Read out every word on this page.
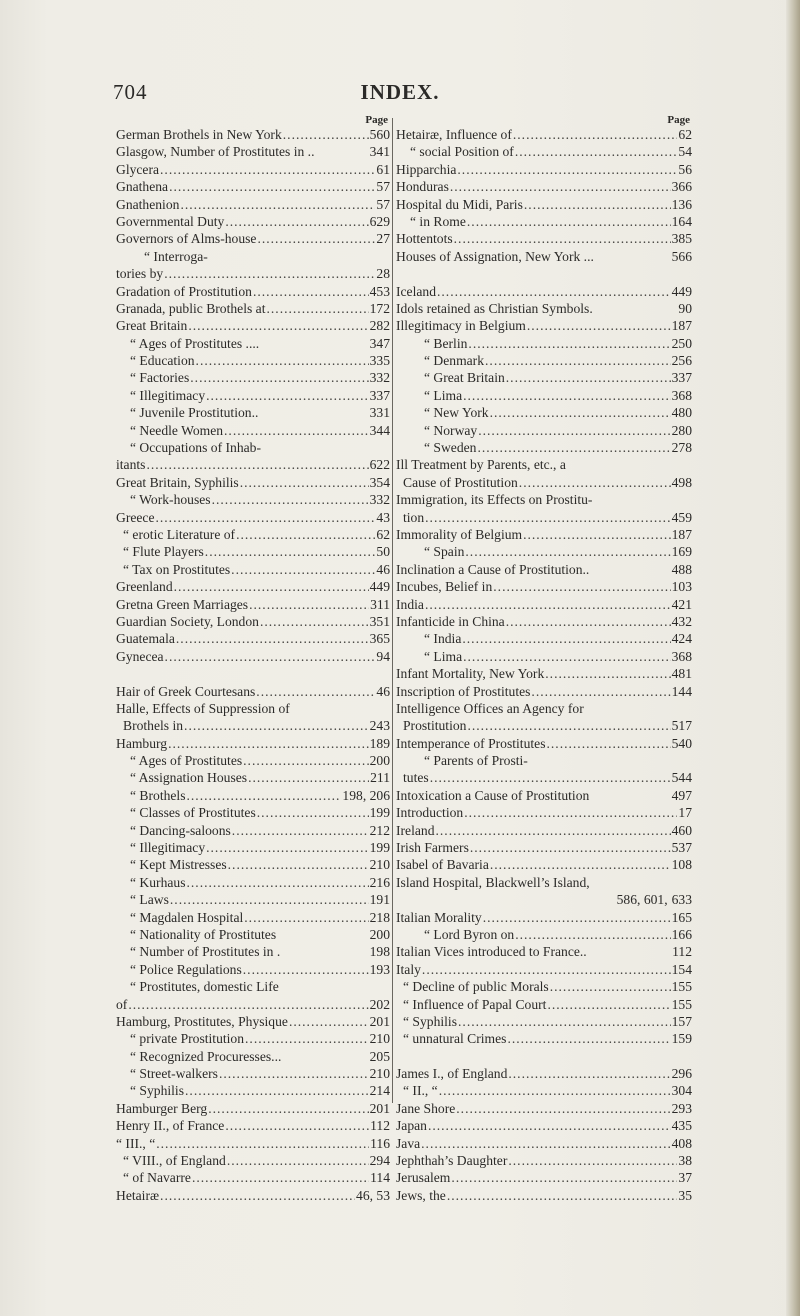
704	INDEX.
Page
German Brothels in New York .....	560
Glasgow, Number of Prostitutes in ..	341
Glycera .....	61
Gnathena .....	57
Gnathenion .....	57
Governmental Duty .....	629
Governors of Alms-house .....	27
“ Interroga-
tories by .....	28
Gradation of Prostitution .....	453
Granada, public Brothels at .....	172
Great Britain .....	282
“ Ages of Prostitutes ....	347
“ Education .....	335
“ Factories .....	332
“ Illegitimacy .....	337
“ Juvenile Prostitution..	331
“ Needle Women .....	344
“ Occupations of Inhab-
itants .....	622
Great Britain, Syphilis .....	354
“ Work-houses .....	332
Greece .....	43
“ erotic Literature of .....	62
“ Flute Players .....	50
“ Tax on Prostitutes .....	46
Greenland .....	449
Gretna Green Marriages .....	311
Guardian Society, London .....	351
Guatemala .....	365
Gynecea .....	94
Hair of Greek Courtesans .....	46
Halle, Effects of Suppression of
Brothels in .....	243
Hamburg .....	189
“ Ages of Prostitutes .....	200
“ Assignation Houses .....	211
“ Brothels .....	198, 206
“ Classes of Prostitutes .....	199
“ Dancing-saloons .....	212
“ Illegitimacy .....	199
“ Kept Mistresses .....	210
“ Kurhaus .....	216
“ Laws .....	191
“ Magdalen Hospital .....	218
“ Nationality of Prostitutes	200
“ Number of Prostitutes in .	198
“ Police Regulations .....	193
“ Prostitutes, domestic Life
of .....	202
Hamburg, Prostitutes, Physique .....	201
“ private Prostitution .....	210
“ Recognized Procuresses...	205
“ Street-walkers .....	210
“ Syphilis .....	214
Hamburger Berg .....	201
Henry II., of France .....	112
“ III., “ .....	116
“ VIII., of England .....	294
“ of Navarre .....	114
Hetairæ .....	46, 53
Page
Hetairæ, Influence of .....	62
“ social Position of .....	54
Hipparchia .....	56
Honduras .....	366
Hospital du Midi, Paris .....	136
“ in Rome .....	164
Hottentots .....	385
Houses of Assignation, New York ...	566
Iceland .....	449
Idols retained as Christian Symbols.	90
Illegitimacy in Belgium .....	187
“ Berlin .....	250
“ Denmark .....	256
“ Great Britain .....	337
“ Lima .....	368
“ New York .....	480
“ Norway .....	280
“ Sweden .....	278
Ill Treatment by Parents, etc., a
Cause of Prostitution .....	498
Immigration, its Effects on Prostitu-
tion .....	459
Immorality of Belgium .....	187
“ Spain .....	169
Inclination a Cause of Prostitution..	488
Incubes, Belief in .....	103
India .....	421
Infanticide in China .....	432
“ India .....	424
“ Lima .....	368
Infant Mortality, New York .....	481
Inscription of Prostitutes .....	144
Intelligence Offices an Agency for
Prostitution .....	517
Intemperance of Prostitutes .....	540
“ Parents of Prosti-
tutes .....	544
Intoxication a Cause of Prostitution	497
Introduction .....	17
Ireland .....	460
Irish Farmers .....	537
Isabel of Bavaria .....	108
Island Hospital, Blackwell’s Island,
586, 601, 633
Italian Morality .....	165
“ Lord Byron on .....	166
Italian Vices introduced to France..	112
Italy .....	154
“ Decline of public Morals .....	155
“ Influence of Papal Court .....	155
“ Syphilis .....	157
“ unnatural Crimes .....	159
James I., of England .....	296
“ II., “ .....	304
Jane Shore .....	293
Japan .....	435
Java .....	408
Jephthah’s Daughter .....	38
Jerusalem .....	37
Jews, the .....	35
